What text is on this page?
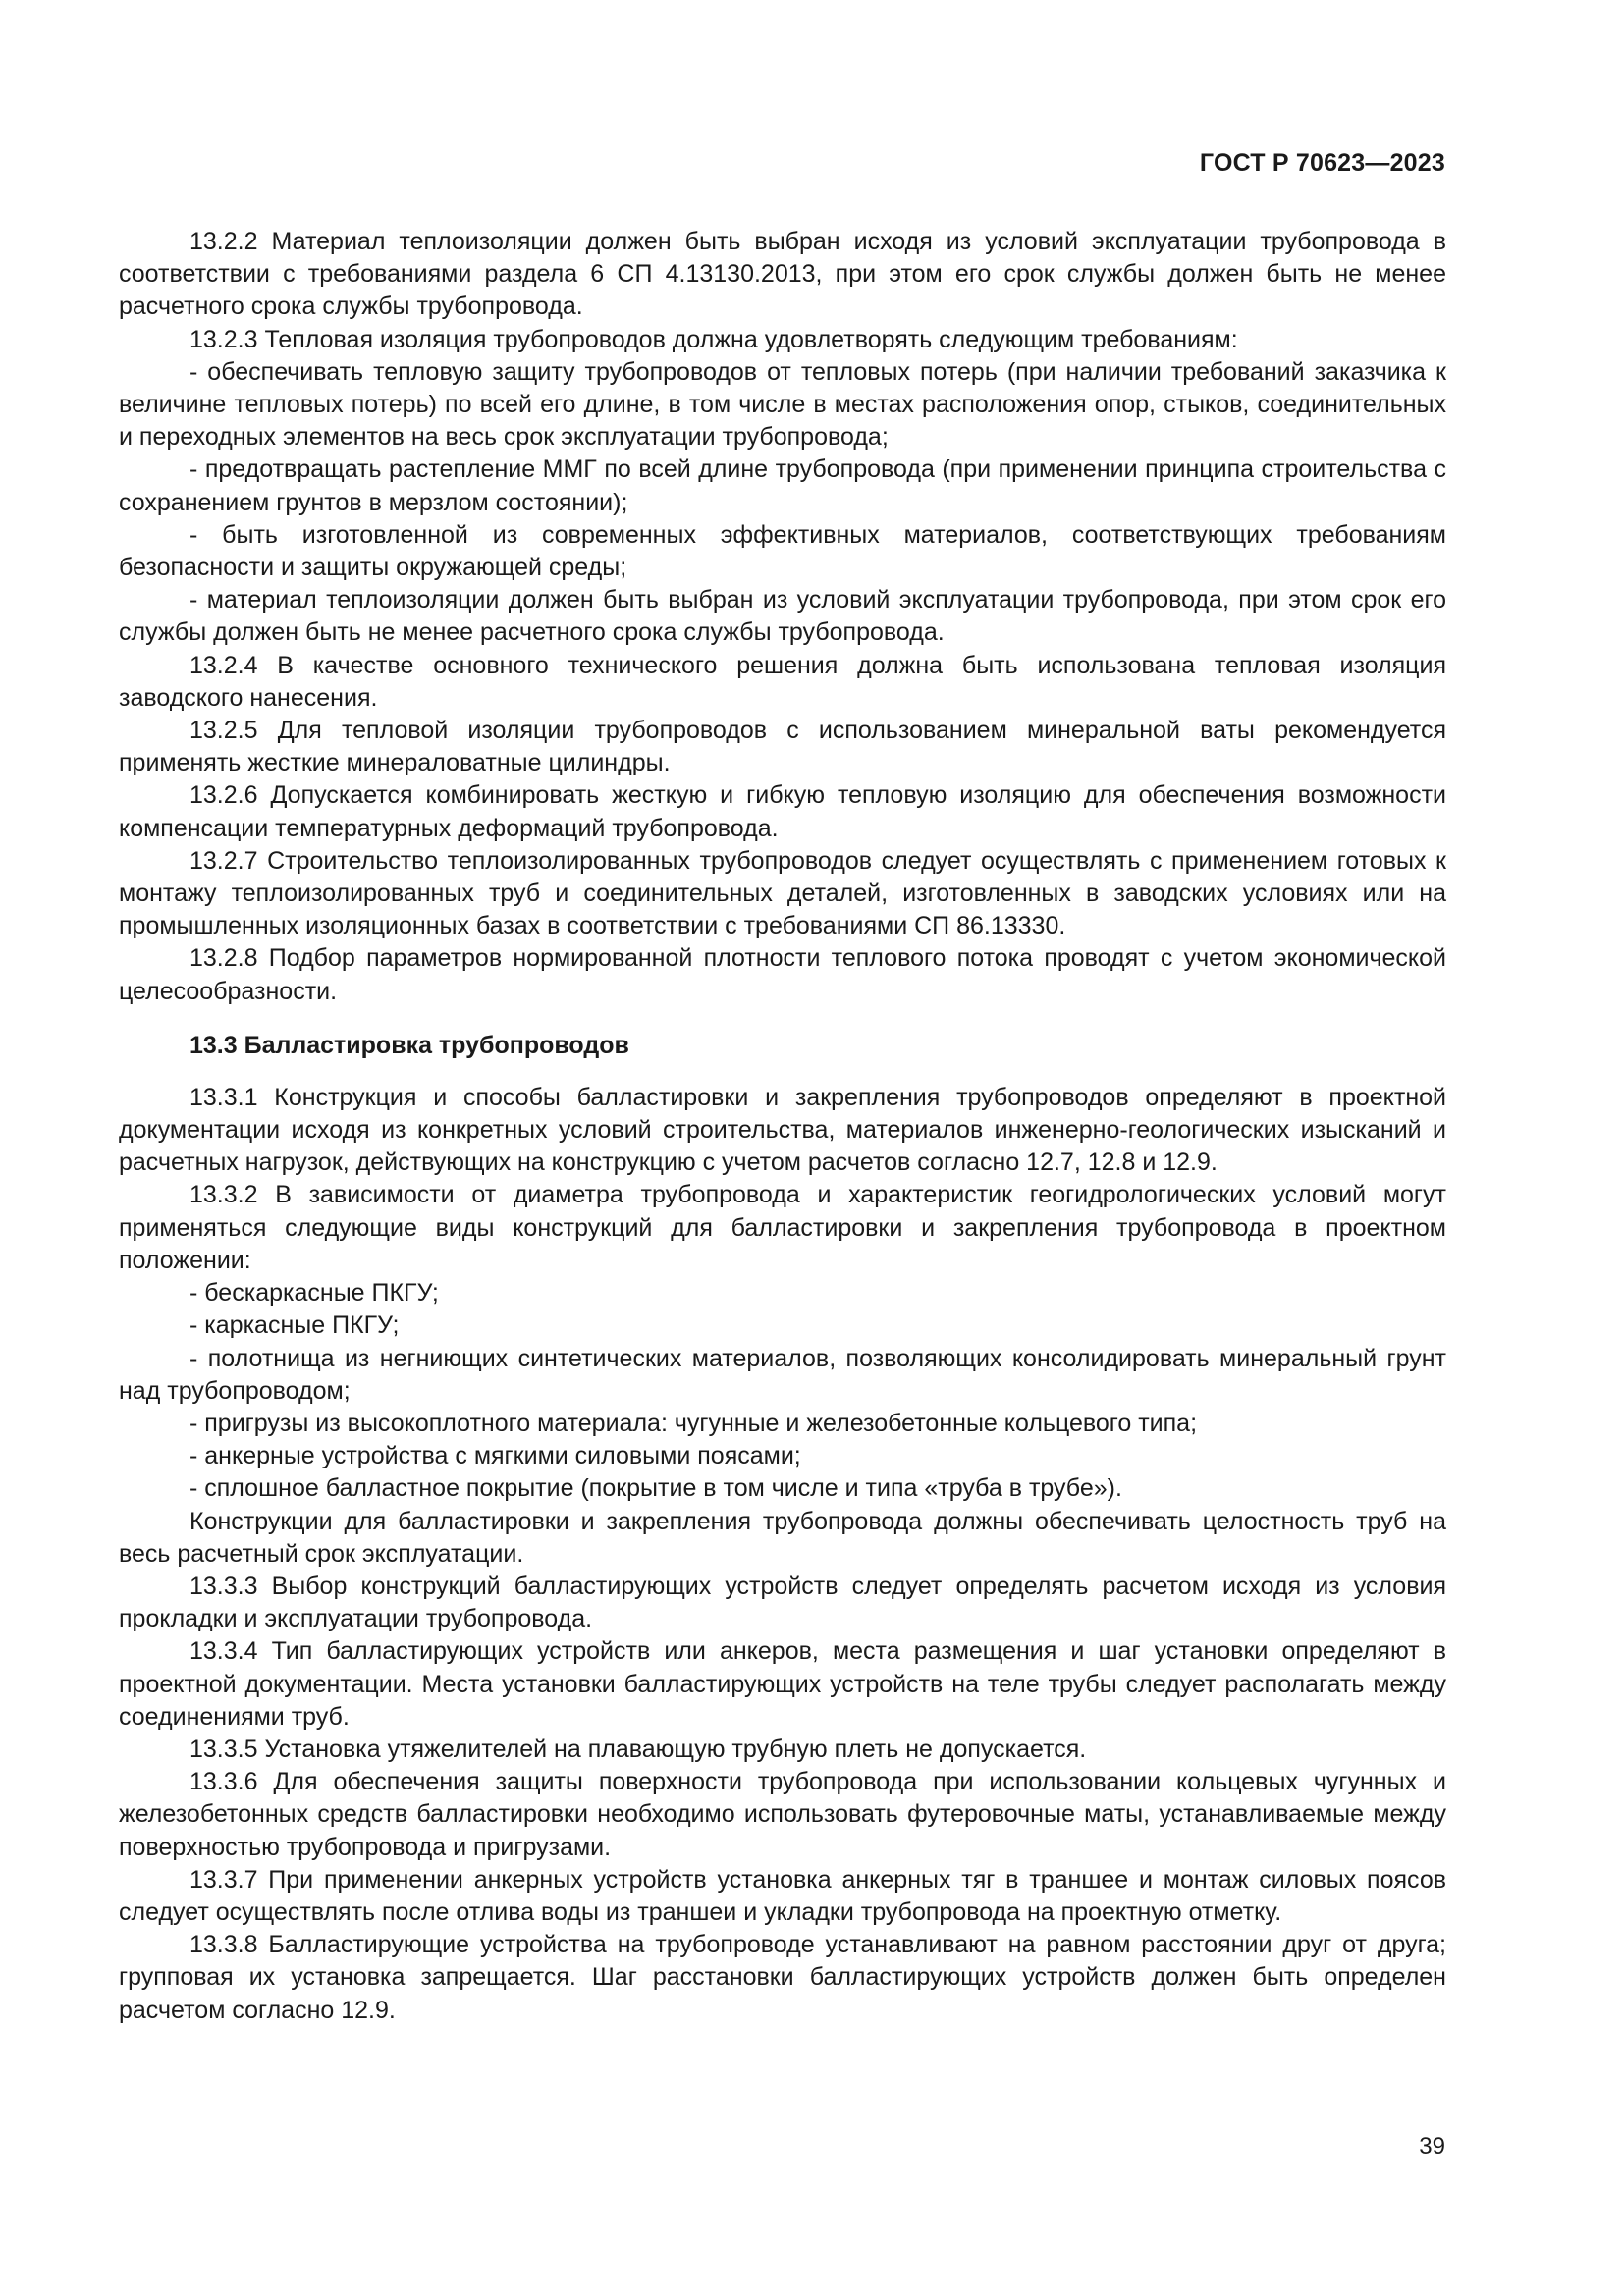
ГОСТ Р 70623—2023

13.2.2 Материал теплоизоляции должен быть выбран исходя из условий эксплуатации трубопровода в соответствии с требованиями раздела 6 СП 4.13130.2013, при этом его срок службы должен быть не менее расчетного срока службы трубопровода.

13.2.3 Тепловая изоляция трубопроводов должна удовлетворять следующим требованиям:

- обеспечивать тепловую защиту трубопроводов от тепловых потерь (при наличии требований заказчика к величине тепловых потерь) по всей его длине, в том числе в местах расположения опор, стыков, соединительных и переходных элементов на весь срок эксплуатации трубопровода;

- предотвращать растепление ММГ по всей длине трубопровода (при применении принципа строительства с сохранением грунтов в мерзлом состоянии);

- быть изготовленной из современных эффективных материалов, соответствующих требованиям безопасности и защиты окружающей среды;

- материал теплоизоляции должен быть выбран из условий эксплуатации трубопровода, при этом срок его службы должен быть не менее расчетного срока службы трубопровода.

13.2.4 В качестве основного технического решения должна быть использована тепловая изоляция заводского нанесения.

13.2.5 Для тепловой изоляции трубопроводов с использованием минеральной ваты рекомендуется применять жесткие минераловатные цилиндры.

13.2.6 Допускается комбинировать жесткую и гибкую тепловую изоляцию для обеспечения возможности компенсации температурных деформаций трубопровода.

13.2.7 Строительство теплоизолированных трубопроводов следует осуществлять с применением готовых к монтажу теплоизолированных труб и соединительных деталей, изготовленных в заводских условиях или на промышленных изоляционных базах в соответствии с требованиями СП 86.13330.

13.2.8 Подбор параметров нормированной плотности теплового потока проводят с учетом экономической целесообразности.

13.3 Балластировка трубопроводов

13.3.1 Конструкция и способы балластировки и закрепления трубопроводов определяют в проектной документации исходя из конкретных условий строительства, материалов инженерно-геологических изысканий и расчетных нагрузок, действующих на конструкцию с учетом расчетов согласно 12.7, 12.8 и 12.9.

13.3.2 В зависимости от диаметра трубопровода и характеристик геогидрологических условий могут применяться следующие виды конструкций для балластировки и закрепления трубопровода в проектном положении:

- бескаркасные ПКГУ;

- каркасные ПКГУ;

- полотнища из негниющих синтетических материалов, позволяющих консолидировать минеральный грунт над трубопроводом;

- пригрузы из высокоплотного материала: чугунные и железобетонные кольцевого типа;

- анкерные устройства с мягкими силовыми поясами;

- сплошное балластное покрытие (покрытие в том числе и типа «труба в трубе»).

Конструкции для балластировки и закрепления трубопровода должны обеспечивать целостность труб на весь расчетный срок эксплуатации.

13.3.3 Выбор конструкций балластирующих устройств следует определять расчетом исходя из условия прокладки и эксплуатации трубопровода.

13.3.4 Тип балластирующих устройств или анкеров, места размещения и шаг установки определяют в проектной документации. Места установки балластирующих устройств на теле трубы следует располагать между соединениями труб.

13.3.5 Установка утяжелителей на плавающую трубную плеть не допускается.

13.3.6 Для обеспечения защиты поверхности трубопровода при использовании кольцевых чугунных и железобетонных средств балластировки необходимо использовать футеровочные маты, устанавливаемые между поверхностью трубопровода и пригрузами.

13.3.7 При применении анкерных устройств установка анкерных тяг в траншее и монтаж силовых поясов следует осуществлять после отлива воды из траншеи и укладки трубопровода на проектную отметку.

13.3.8 Балластирующие устройства на трубопроводе устанавливают на равном расстоянии друг от друга; групповая их установка запрещается. Шаг расстановки балластирующих устройств должен быть определен расчетом согласно 12.9.

39
